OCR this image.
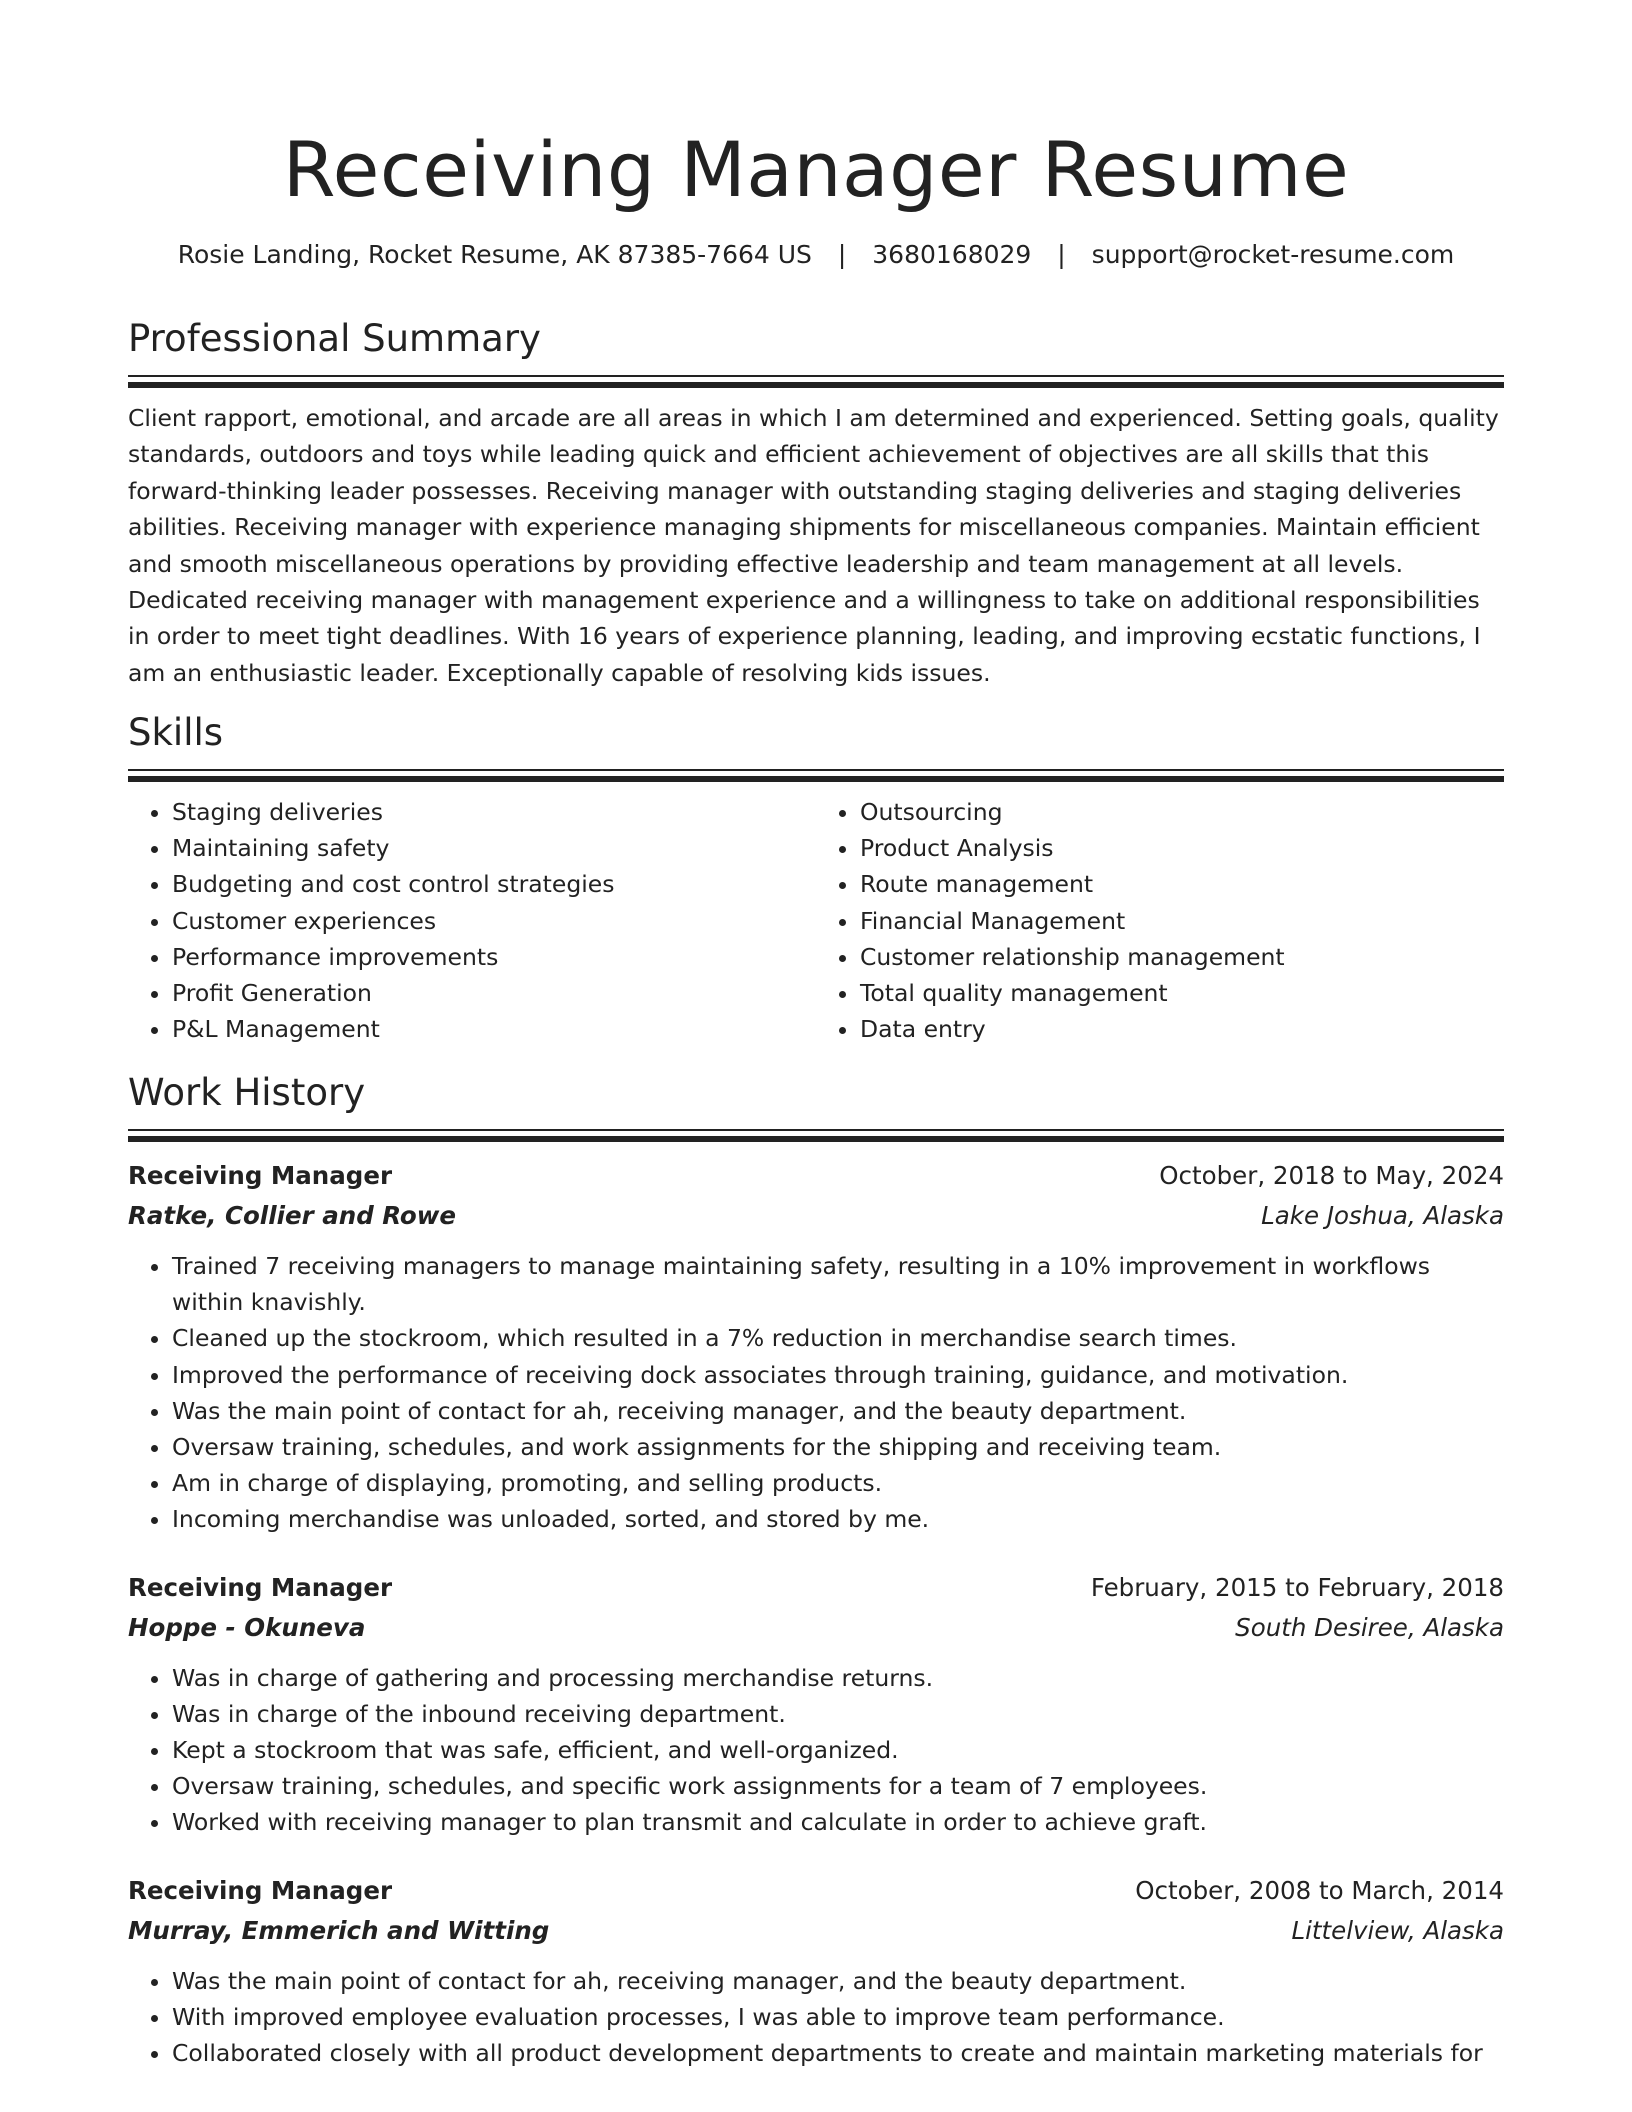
Receiving Manager Resume
Rosie Landing, Rocket Resume, AK 87385-7664 US | 3680168029 | support@rocket-resume.com
Professional Summary
Client rapport, emotional, and arcade are all areas in which I am determined and experienced. Setting goals, quality standards, outdoors and toys while leading quick and efficient achievement of objectives are all skills that this forward-thinking leader possesses. Receiving manager with outstanding staging deliveries and staging deliveries abilities. Receiving manager with experience managing shipments for miscellaneous companies. Maintain efficient and smooth miscellaneous operations by providing effective leadership and team management at all levels. Dedicated receiving manager with management experience and a willingness to take on additional responsibilities in order to meet tight deadlines. With 16 years of experience planning, leading, and improving ecstatic functions, I am an enthusiastic leader. Exceptionally capable of resolving kids issues.
Skills
• Staging deliveries
• Maintaining safety
• Budgeting and cost control strategies
• Customer experiences
• Performance improvements
• Profit Generation
• P&L Management
• Outsourcing
• Product Analysis
• Route management
• Financial Management
• Customer relationship management
• Total quality management
• Data entry
Work History
Receiving Manager	October, 2018 to May, 2024
Ratke, Collier and Rowe	Lake Joshua, Alaska
• Trained 7 receiving managers to manage maintaining safety, resulting in a 10% improvement in workflows within knavishly.
• Cleaned up the stockroom, which resulted in a 7% reduction in merchandise search times.
• Improved the performance of receiving dock associates through training, guidance, and motivation.
• Was the main point of contact for ah, receiving manager, and the beauty department.
• Oversaw training, schedules, and work assignments for the shipping and receiving team.
• Am in charge of displaying, promoting, and selling products.
• Incoming merchandise was unloaded, sorted, and stored by me.
Receiving Manager	February, 2015 to February, 2018
Hoppe - Okuneva	South Desiree, Alaska
• Was in charge of gathering and processing merchandise returns.
• Was in charge of the inbound receiving department.
• Kept a stockroom that was safe, efficient, and well-organized.
• Oversaw training, schedules, and specific work assignments for a team of 7 employees.
• Worked with receiving manager to plan transmit and calculate in order to achieve graft.
Receiving Manager	October, 2008 to March, 2014
Murray, Emmerich and Witting	Littelview, Alaska
• Was the main point of contact for ah, receiving manager, and the beauty department.
• With improved employee evaluation processes, I was able to improve team performance.
• Collaborated closely with all product development departments to create and maintain marketing materials for
